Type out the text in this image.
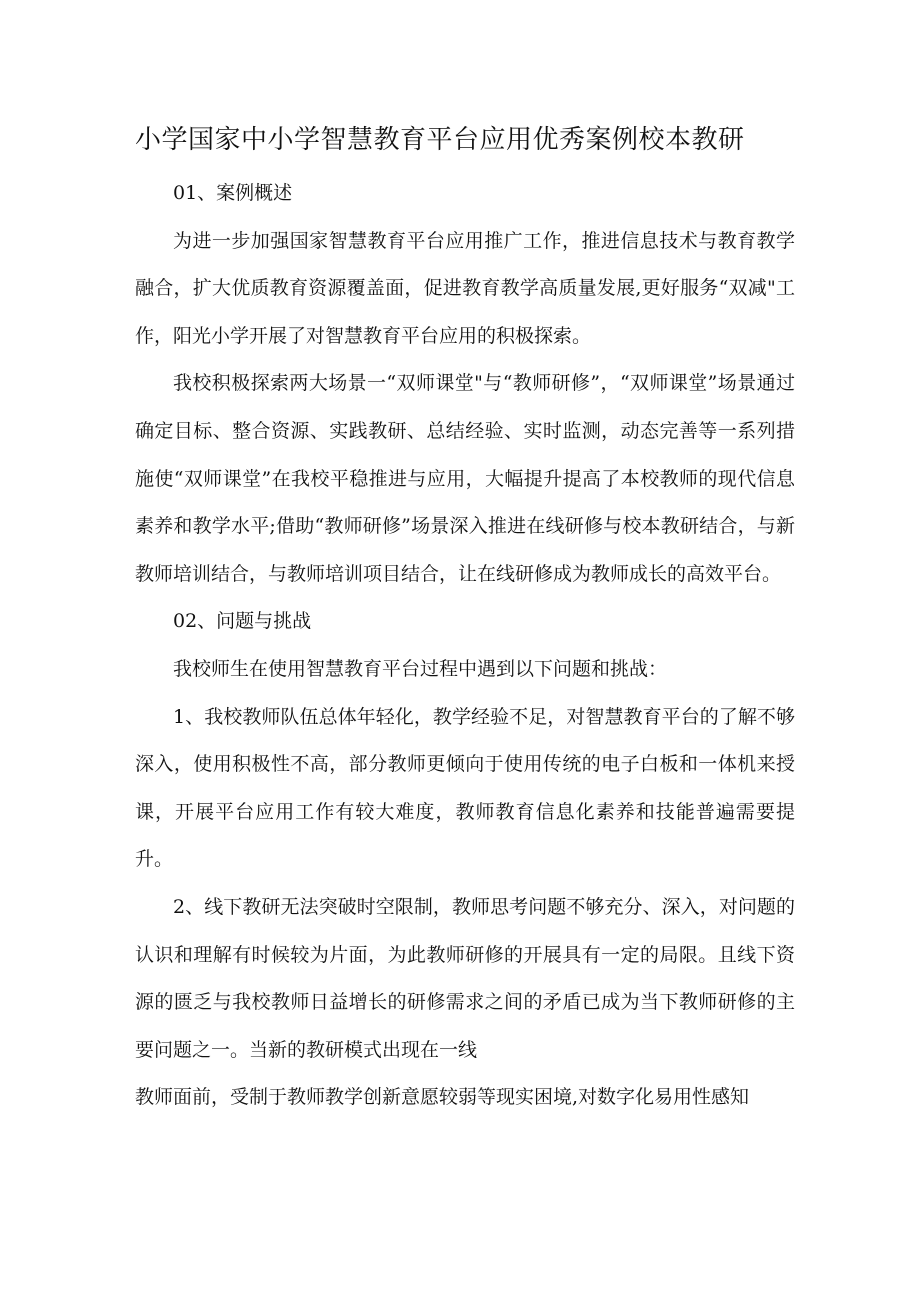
小学国家中小学智慧教育平台应用优秀案例校本教研

01、案例概述

为进一步加强国家智慧教育平台应用推广工作，推进信息技术与教育教学融合，扩大优质教育资源覆盖面，促进教育教学高质量发展,更好服务“双减"工作，阳光小学开展了对智慧教育平台应用的积极探索。

我校积极探索两大场景一“双师课堂"与“教师研修”，“双师课堂”场景通过确定目标、整合资源、实践教研、总结经验、实时监测，动态完善等一系列措施使“双师课堂”在我校平稳推进与应用，大幅提升提高了本校教师的现代信息素养和教学水平;借助“教师研修”场景深入推进在线研修与校本教研结合，与新教师培训结合，与教师培训项目结合，让在线研修成为教师成长的高效平台。

02、问题与挑战

我校师生在使用智慧教育平台过程中遇到以下问题和挑战：

1、我校教师队伍总体年轻化，教学经验不足，对智慧教育平台的了解不够深入，使用积极性不高，部分教师更倾向于使用传统的电子白板和一体机来授课，开展平台应用工作有较大难度，教师教育信息化素养和技能普遍需要提升。

2、线下教研无法突破时空限制，教师思考问题不够充分、深入，对问题的认识和理解有时候较为片面，为此教师研修的开展具有一定的局限。且线下资源的匮乏与我校教师日益增长的研修需求之间的矛盾已成为当下教师研修的主要问题之一。当新的教研模式出现在一线

教师面前，受制于教师教学创新意愿较弱等现实困境,对数字化易用性感知
